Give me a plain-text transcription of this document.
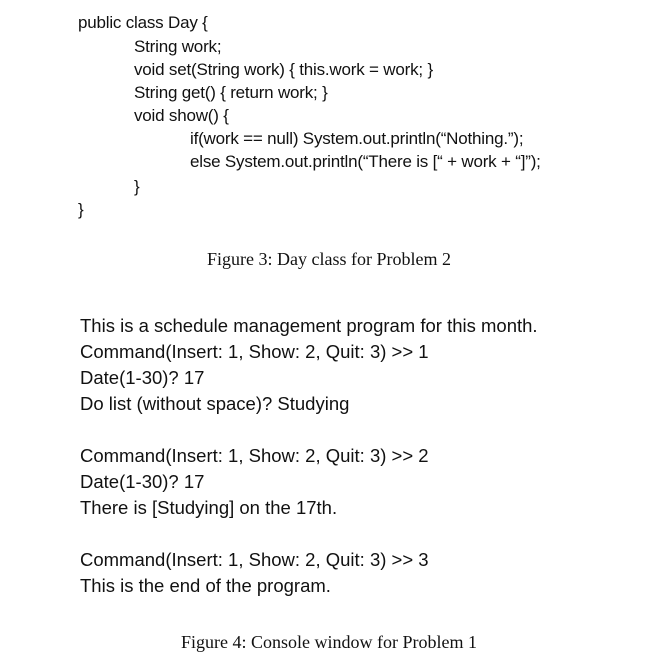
public class Day {
String work;
void set(String work) { this.work = work; }
String get() { return work; }
void show() {
if(work == null) System.out.println(“Nothing.”);
else System.out.println(“There is [“ + work + “]”);
}
}
Figure 3: Day class for Problem 2
This is a schedule management program for this month.
Command(Insert: 1, Show: 2, Quit: 3) >> 1
Date(1-30)? 17
Do list (without space)? Studying
Command(Insert: 1, Show: 2, Quit: 3) >> 2
Date(1-30)? 17
There is [Studying] on the 17th.
Command(Insert: 1, Show: 2, Quit: 3) >> 3
This is the end of the program.
Figure 4: Console window for Problem 1
